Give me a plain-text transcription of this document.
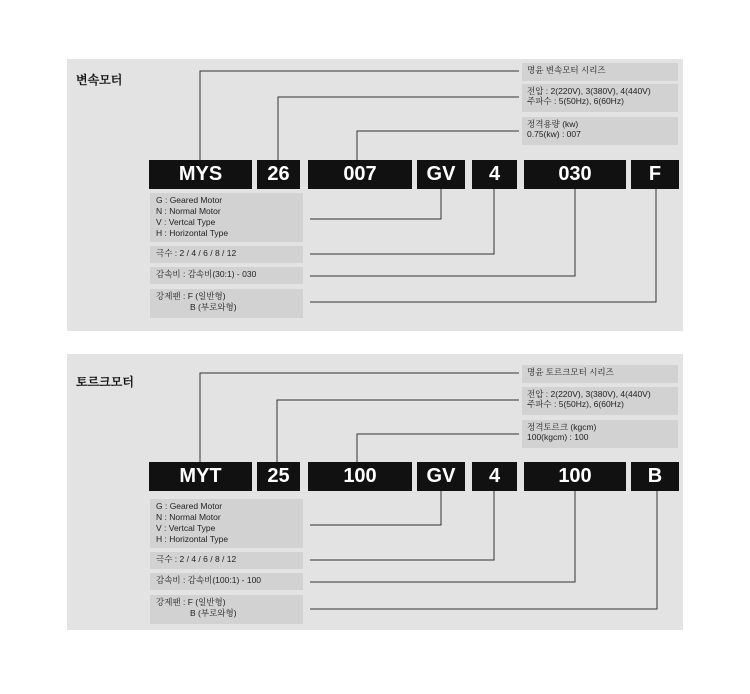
변속모터
명윤 변속모터 시리즈
전압 : 2(220V), 3(380V), 4(440V)
주파수 : 5(50Hz), 6(60Hz)
정격용량 (kw)
0.75(kw) : 007
MYS	26	007	GV	4	030	F
G : Geared Motor
N : Normal Motor
V : Vertcal Type
H : Horizontal Type
극수 : 2 / 4 / 6 / 8 / 12
감속비 : 감속비(30:1) - 030
강제팬 : F (일반형)
B (부로와형)
토르크모터
명윤 토르크모터 시리즈
전압 : 2(220V), 3(380V), 4(440V)
주파수 : 5(50Hz), 6(60Hz)
정격토르크 (kgcm)
100(kgcm) : 100
MYT	25	100	GV	4	100	B
G : Geared Motor
N : Normal Motor
V : Vertcal Type
H : Horizontal Type
극수 : 2 / 4 / 6 / 8 / 12
감속비 : 감속비(100:1) - 100
강제팬 : F (일반형)
B (부로와형)
